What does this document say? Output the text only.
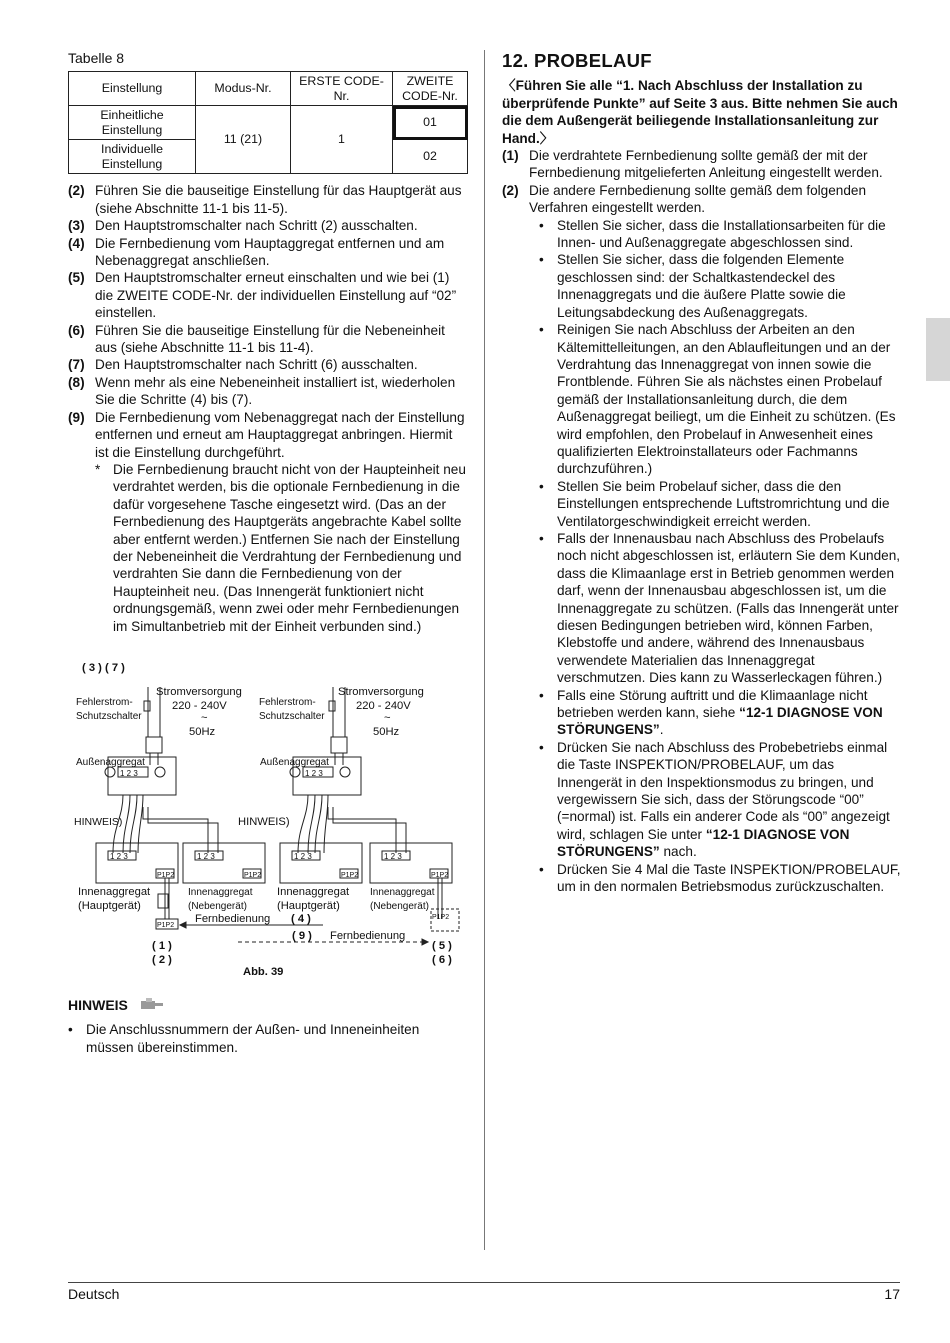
Tabelle 8
Einstellung	Modus-Nr.	ERSTE CODE-Nr.	ZWEITE CODE-Nr.
Einheitliche Einstellung	11 (21)	1	01
Individuelle Einstellung			02
(2) Führen Sie die bauseitige Einstellung für das Hauptgerät aus (siehe Abschnitte 11-1 bis 11-5).
(3) Den Hauptstromschalter nach Schritt (2) ausschalten.
(4) Die Fernbedienung vom Hauptaggregat entfernen und am Nebenaggregat anschließen.
(5) Den Hauptstromschalter erneut einschalten und wie bei (1) die ZWEITE CODE-Nr. der individuellen Einstellung auf “02” einstellen.
(6) Führen Sie die bauseitige Einstellung für die Nebeneinheit aus (siehe Abschnitte 11-1 bis 11-4).
(7) Den Hauptstromschalter nach Schritt (6) ausschalten.
(8) Wenn mehr als eine Nebeneinheit installiert ist, wiederholen Sie die Schritte (4) bis (7).
(9) Die Fernbedienung vom Nebenaggregat nach der Einstellung entfernen und erneut am Hauptaggregat anbringen. Hiermit ist die Einstellung durchgeführt.
* Die Fernbedienung braucht nicht von der Haupteinheit neu verdrahtet werden, bis die optionale Fernbedienung in die dafür vorgesehene Tasche eingesetzt wird. (Das an der Fernbedienung des Hauptgeräts angebrachte Kabel sollte aber entfernt werden.) Entfernen Sie nach der Einstellung der Nebeneinheit die Verdrahtung der Fernbedienung und verdrahten Sie dann die Fernbedienung von der Haupteinheit neu. (Das Innengerät funktioniert nicht ordnungsgemäß, wenn zwei oder mehr Fernbedienungen im Simultanbetrieb mit der Einheit verbunden sind.)
( 3 ) ( 7 )
Fehlerstrom-
Schutzschalter
Stromversorgung
220 - 240V
~
50Hz
Fehlerstrom-
Schutzschalter
Stromversorgung
220 - 240V
~
50Hz
Außenaggregat	Außenaggregat
1 2 3	1 2 3
HINWEIS)	HINWEIS)
1 2 3	1 2 3	1 2 3	1 2 3
P1P2	P1P2	P1P2	P1P2
P1P2
P1P2
Innenaggregat
(Hauptgerät)
Innenaggregat
(Nebengerät)
Innenaggregat
(Hauptgerät)
Innenaggregat
(Nebengerät)
Fernbedienung ( 4 )
( 9 ) Fernbedienung
( 1 )
( 2 )
( 5 )
( 6 )
Abb. 39
HINWEIS
• Die Anschlussnummern der Außen- und Inneneinheiten müssen übereinstimmen.
12. PROBELAUF
〈Führen Sie alle “1. Nach Abschluss der Installation zu überprüfende Punkte” auf Seite 3 aus. Bitte nehmen Sie auch die dem Außengerät beiliegende Installationsanleitung zur Hand.〉
(1) Die verdrahtete Fernbedienung sollte gemäß der mit der Fernbedienung mitgelieferten Anleitung eingestellt werden.
(2) Die andere Fernbedienung sollte gemäß dem folgenden Verfahren eingestellt werden.
• Stellen Sie sicher, dass die Installationsarbeiten für die Innen- und Außenaggregate abgeschlossen sind.
• Stellen Sie sicher, dass die folgenden Elemente geschlossen sind: der Schaltkastendeckel des Innenaggregats und die äußere Platte sowie die Leitungsabdeckung des Außenaggregats.
• Reinigen Sie nach Abschluss der Arbeiten an den Kältemittelleitungen, an den Ablaufleitungen und an der Verdrahtung das Innenaggregat von innen sowie die Frontblende. Führen Sie als nächstes einen Probelauf gemäß der Installationsanleitung durch, die dem Außenaggregat beiliegt, um die Einheit zu schützen. (Es wird empfohlen, den Probelauf in Anwesenheit eines qualifizierten Elektroinstallateurs oder Fachmanns durchzuführen.)
• Stellen Sie beim Probelauf sicher, dass die den Einstellungen entsprechende Luftstromrichtung und die Ventilatorgeschwindigkeit erreicht werden.
• Falls der Innenausbau nach Abschluss des Probelaufs noch nicht abgeschlossen ist, erläutern Sie dem Kunden, dass die Klimaanlage erst in Betrieb genommen werden darf, wenn der Innenausbau abgeschlossen ist, um die Innenaggregate zu schützen. (Falls das Innengerät unter diesen Bedingungen betrieben wird, können Farben, Klebstoffe und andere, während des Innenausbaus verwendete Materialien das Innenaggregat verschmutzen. Dies kann zu Wasserleckagen führen.)
• Falls eine Störung auftritt und die Klimaanlage nicht betrieben werden kann, siehe “12-1 DIAGNOSE VON STÖRUNGENS”.
• Drücken Sie nach Abschluss des Probebetriebs einmal die Taste INSPEKTION/PROBELAUF, um das Innengerät in den Inspektionsmodus zu bringen, und vergewissern Sie sich, dass der Störungscode “00” (=normal) ist. Falls ein anderer Code als “00” angezeigt wird, schlagen Sie unter “12-1 DIAGNOSE VON STÖRUNGENS” nach.
• Drücken Sie 4 Mal die Taste INSPEKTION/PROBELAUF, um in den normalen Betriebsmodus zurückzuschalten.
Deutsch	17
